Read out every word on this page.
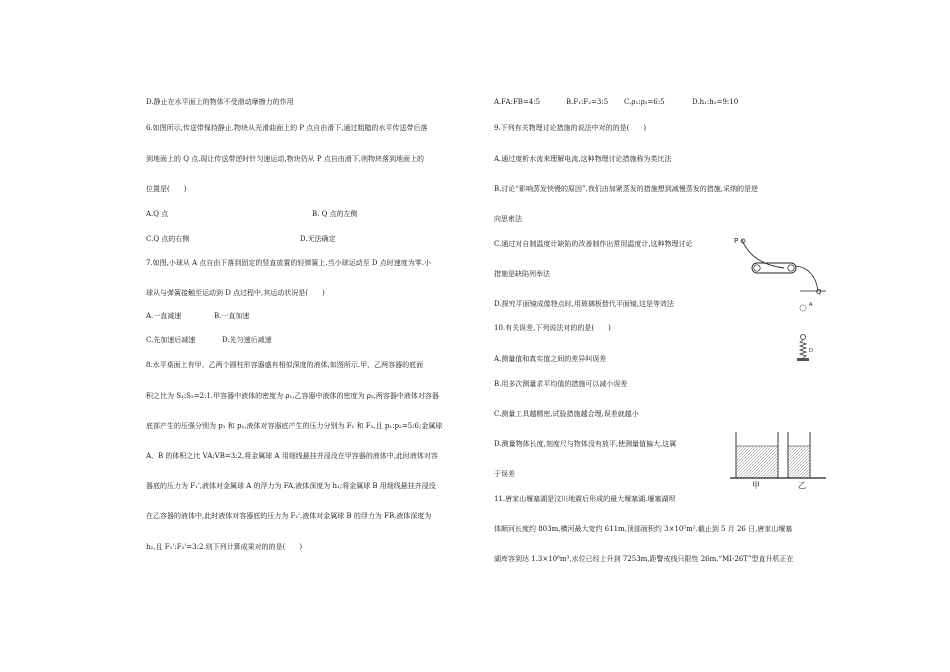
D.静止在水平面上的物体不受滑动摩擦力的作用
6.如图所示,传送带保持静止.物块从光滑曲面上的 P 点自由滑下,通过粗糙的水平传送带后落
到地面上的 Q 点.现让传送带逆时针匀速运动,物块仍从 P 点自由滑下,则物块落到地面上的
位置是(　　)
A.Q 点	B. Q 点的左侧
C.Q 点的右侧	D.无法确定
7.如图,小球从 A 点自由下落到固定的竖直放置的轻弹簧上.当小球运动至 D 点时速度为零.小
球从与弹簧接触至运动到 D 点过程中,其运动状况是(　　)
A.一直减速	B.一直加速
C.先加速后减速	D.先匀速后减速
8.水平桌面上有甲、乙两个圆柱形容器盛有相似深度的液体,如图所示.甲、乙两容器的底面
积之比为 S₁:S₂=2:1.甲容器中液体的密度为 ρ₁,乙容器中液体的密度为 ρ₂,两容器中液体对容器
底部产生的压强分别为 p₁ 和 p₂,液体对容器底产生的压力分别为 F₁ 和 F₂,且 p₁:p₂=5:6;金属球
A、B 的体积之比 VA:VB=3:2,将金属球 A 用细线悬挂并浸没在甲容器的液体中,此时液体对容
器底的压力为 F₁',液体对金属球 A 的浮力为 FA,液体深度为 h₁;将金属球 B 用细线悬挂并浸没
在乙容器的液体中,此时液体对容器底的压力为 F₂',液体对金属球 B 的浮力为 FB,液体深度为
h₂,且 F₁':F₂'=3:2.则下列计算成果对的的是(　　)
A.FA:FB=4:5	B.F₁:F₂=3:5 C.ρ₁:ρ₂=6:5	D.h₁:h₂=9:10
9.下列有关物理讨论措施的说法中对的的是(　　)
A.通过度析水流来理解电流,这种物理讨论措施称为类比法
B.讨论“影响蒸发快慢的原因”,我们由加紧蒸发的措施想到减慢蒸发的措施,采纳的是逆
向思索法
C.通过对自制温度计缺陷的改善制作出常用温度计,这种物理讨论
措施是缺陷列举法
D.探究平面镜成像特点时,用玻璃板替代平面镜,这是等效法
10.有关误差,下列说法对的的是(　　)
A.测量值和真实值之间的差异叫误差
B.用多次测量求平均值的措施可以减小误差
C.测量工具越精密,试验措施越合理,误差就越小
D.测量物体长度,刻度尺与物体没有放平,使测量值偏大,这属
于误差
11.唐家山堰塞湖是汶川地震后形成的最大堰塞湖.堰塞湖坝
体顺河长度约 803m,横河最大宽约 611m,顶部面积约 3×10⁵m².截止到 5 月 26 日,唐家山堰塞
湖库容到达 1.3×10⁸m³,水位已经上升到 7253m,距警戒线只限性 26m,“MI-26T”型直升机正在
P
Q
A
D
甲	乙
